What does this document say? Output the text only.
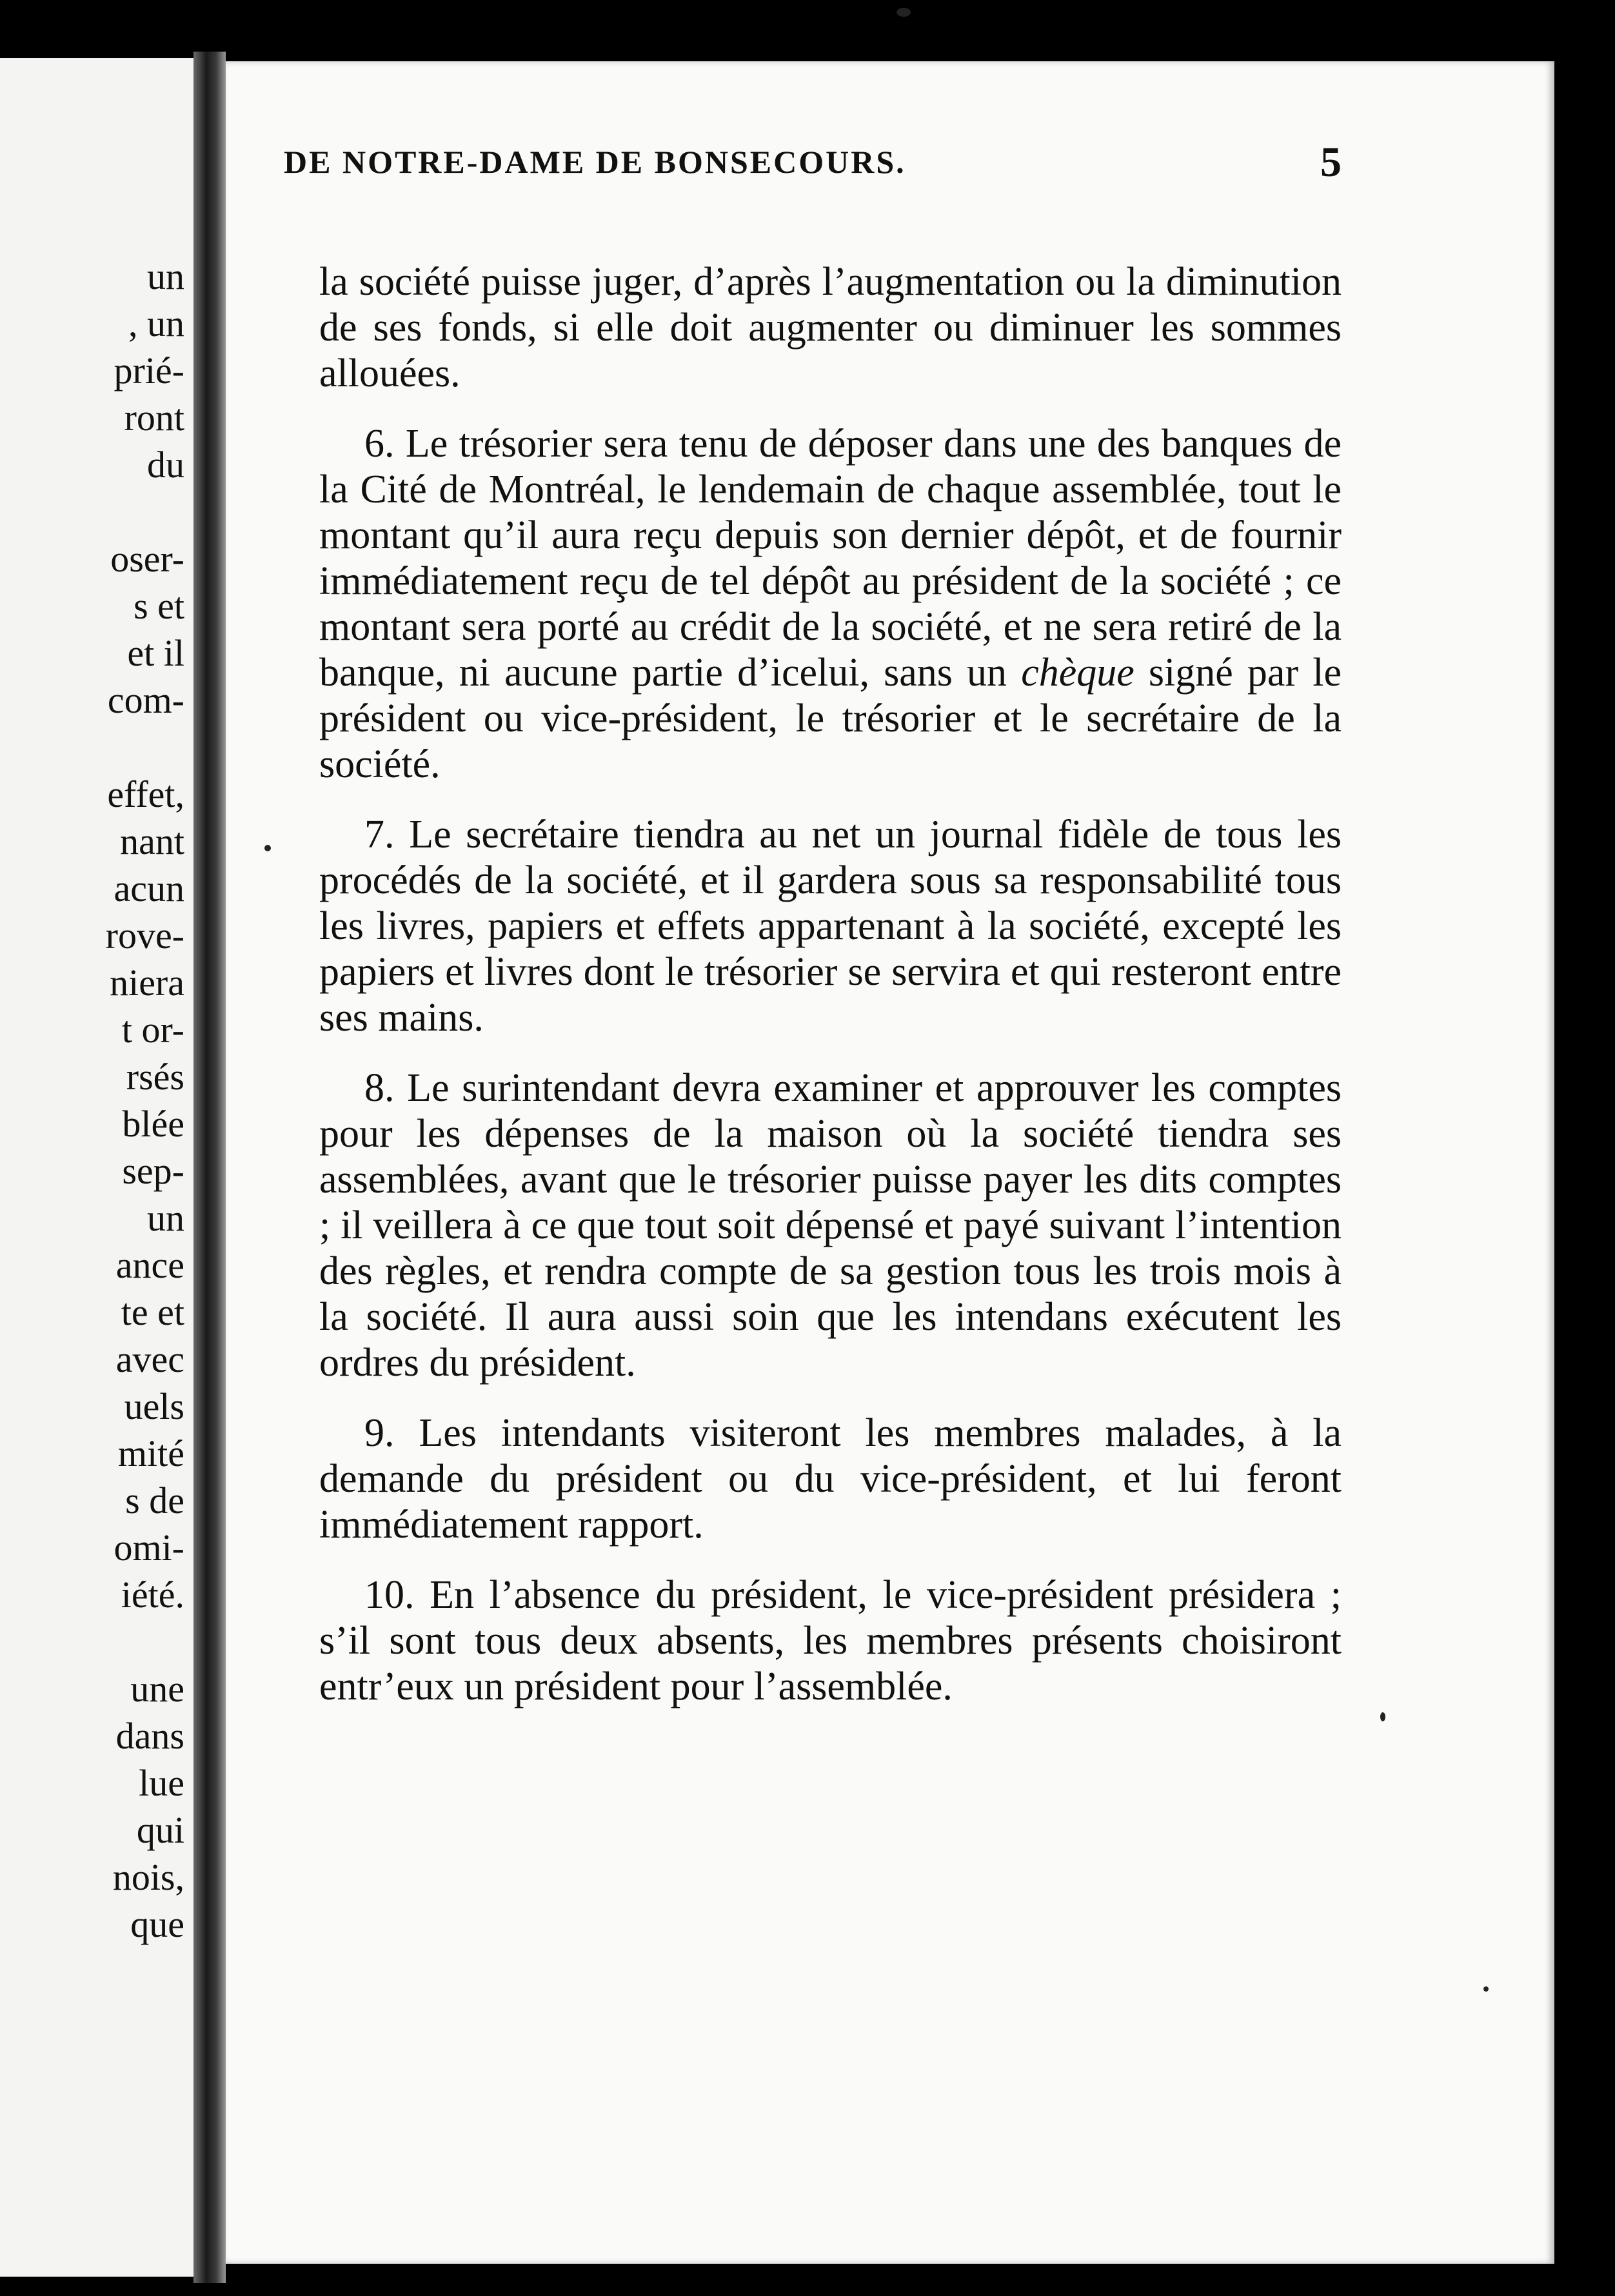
un
, un
prié-
ront
du
oser-
s et
et il
com-
effet,
nant
acun
rove-
niera
t or-
rsés
blée
sep-
un
ance
te et
avec
uels
mité
s de
omi-
iété.
une
dans
lue
qui
nois,
que
DE NOTRE-DAME DE BONSECOURS.	5

la société puisse juger, d’après l’augmentation ou la diminution de ses fonds, si elle doit augmenter ou diminuer les sommes allouées.

6. Le trésorier sera tenu de déposer dans une des banques de la Cité de Montréal, le lendemain de chaque assemblée, tout le montant qu’il aura reçu depuis son dernier dépôt, et de fournir immédiatement reçu de tel dépôt au président de la société ; ce montant sera porté au crédit de la société, et ne sera retiré de la banque, ni aucune partie d’icelui, sans un chèque signé par le président ou vice-président, le trésorier et le secrétaire de la société.

7. Le secrétaire tiendra au net un journal fidèle de tous les procédés de la société, et il gardera sous sa responsabilité tous les livres, papiers et effets appartenant à la société, excepté les papiers et livres dont le trésorier se servira et qui resteront entre ses mains.

8. Le surintendant devra examiner et approuver les comptes pour les dépenses de la maison où la société tiendra ses assemblées, avant que le trésorier puisse payer les dits comptes ; il veillera à ce que tout soit dépensé et payé suivant l’intention des règles, et rendra compte de sa gestion tous les trois mois à la société. Il aura aussi soin que les intendans exécutent les ordres du président.

9. Les intendants visiteront les membres malades, à la demande du président ou du vice-président, et lui feront immédiatement rapport.

10. En l’absence du président, le vice-président présidera ; s’il sont tous deux absents, les membres présents choisiront entr’eux un président pour l’assemblée.
